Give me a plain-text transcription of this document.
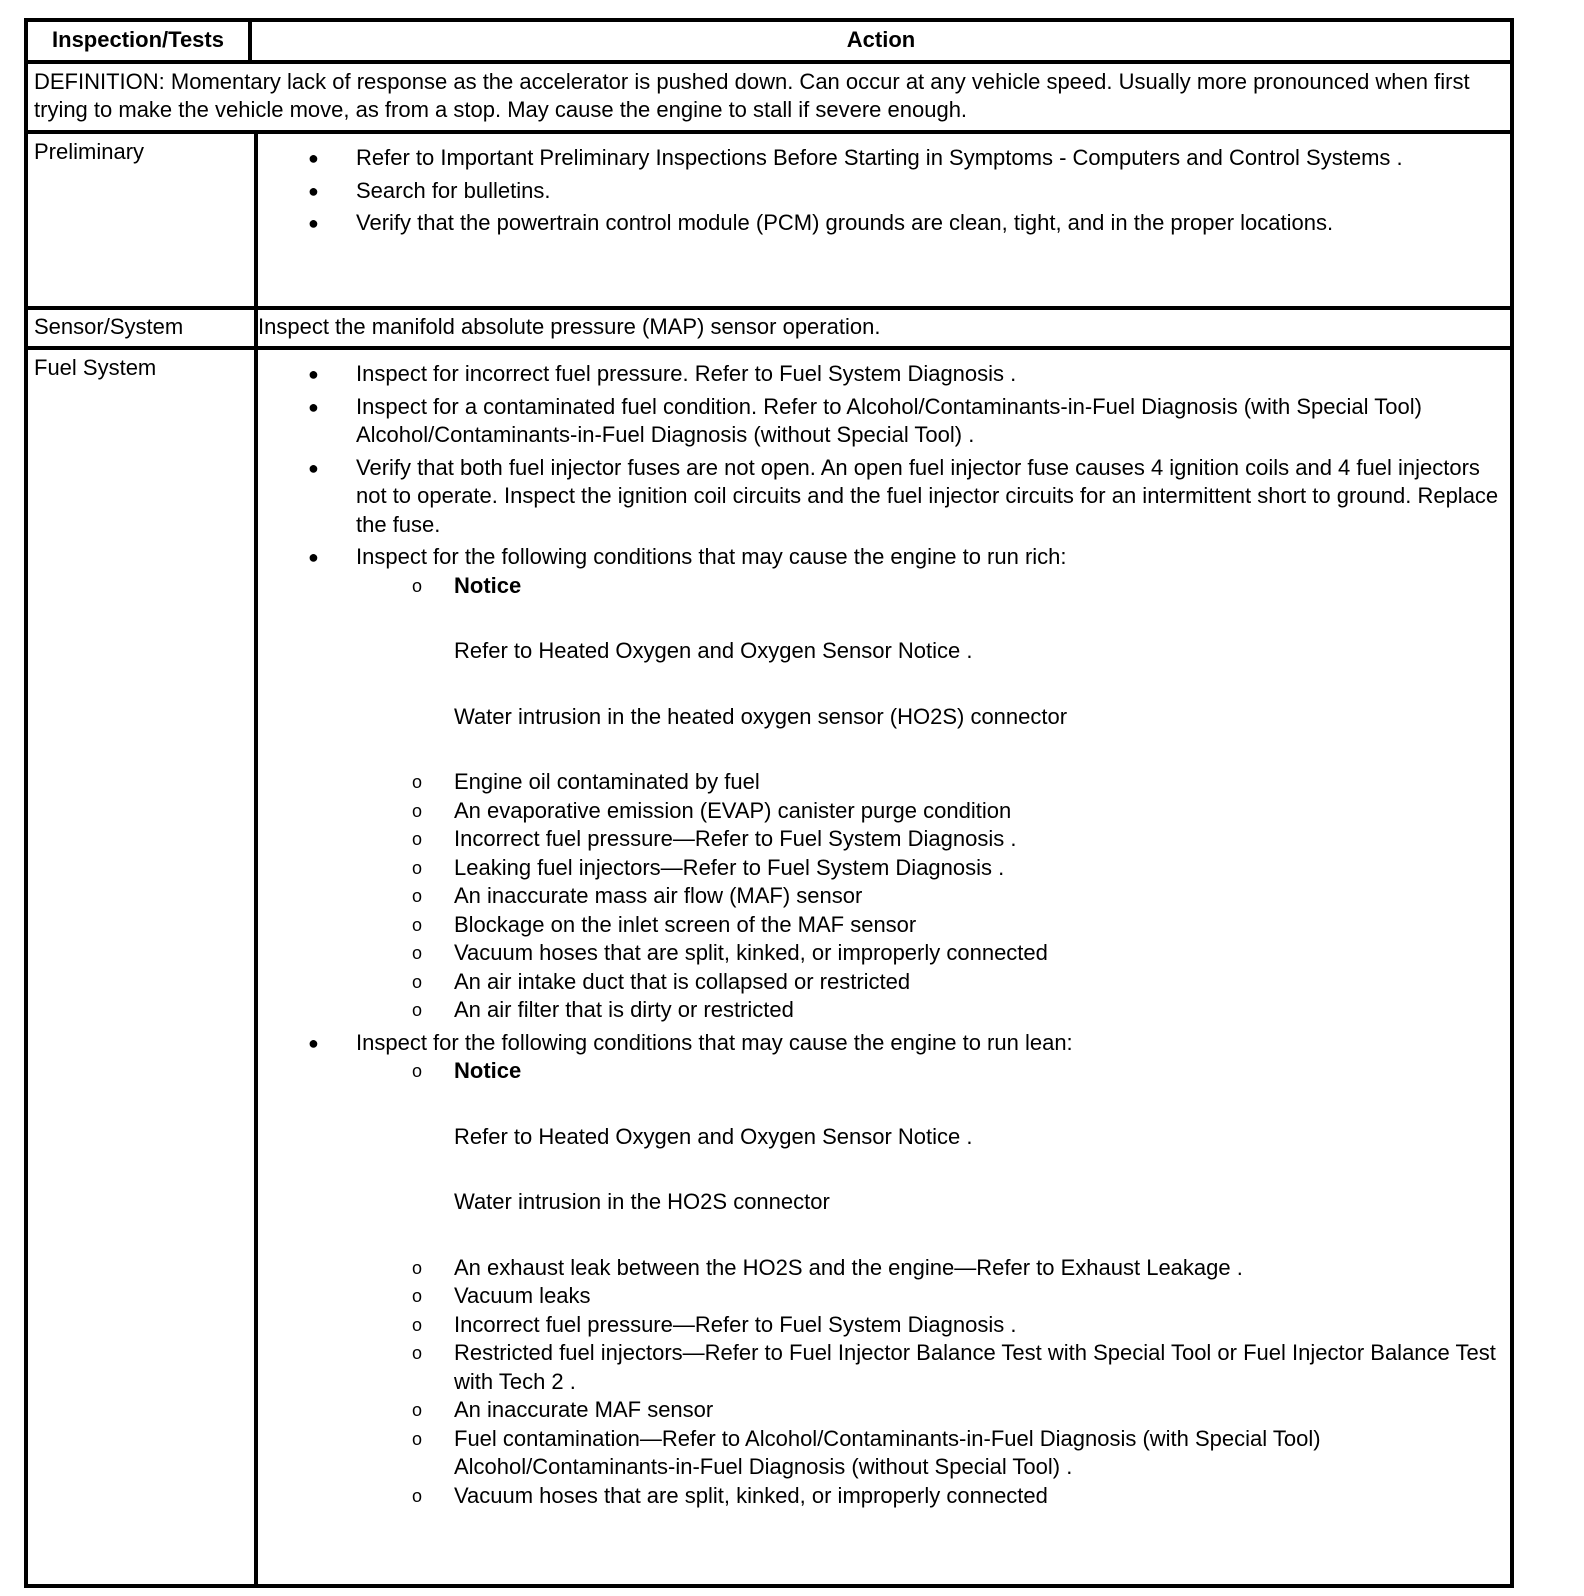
Inspection/Tests	Action
DEFINITION: Momentary lack of response as the accelerator is pushed down. Can occur at any vehicle speed. Usually more pronounced when first trying to make the vehicle move, as from a stop. May cause the engine to stall if severe enough.
Preliminary	● Refer to Important Preliminary Inspections Before Starting in Symptoms - Computers and Control Systems .
● Search for bulletins.
● Verify that the powertrain control module (PCM) grounds are clean, tight, and in the proper locations.
Sensor/System	Inspect the manifold absolute pressure (MAP) sensor operation.
Fuel System	● Inspect for incorrect fuel pressure. Refer to Fuel System Diagnosis .
● Inspect for a contaminated fuel condition. Refer to Alcohol/Contaminants-in-Fuel Diagnosis (with Special Tool) Alcohol/Contaminants-in-Fuel Diagnosis (without Special Tool) .
● Verify that both fuel injector fuses are not open. An open fuel injector fuse causes 4 ignition coils and 4 fuel injectors not to operate. Inspect the ignition coil circuits and the fuel injector circuits for an intermittent short to ground. Replace the fuse.
● Inspect for the following conditions that may cause the engine to run rich:
o Notice
Refer to Heated Oxygen and Oxygen Sensor Notice .
Water intrusion in the heated oxygen sensor (HO2S) connector
o Engine oil contaminated by fuel
o An evaporative emission (EVAP) canister purge condition
o Incorrect fuel pressure—Refer to Fuel System Diagnosis .
o Leaking fuel injectors—Refer to Fuel System Diagnosis .
o An inaccurate mass air flow (MAF) sensor
o Blockage on the inlet screen of the MAF sensor
o Vacuum hoses that are split, kinked, or improperly connected
o An air intake duct that is collapsed or restricted
o An air filter that is dirty or restricted
● Inspect for the following conditions that may cause the engine to run lean:
o Notice
Refer to Heated Oxygen and Oxygen Sensor Notice .
Water intrusion in the HO2S connector
o An exhaust leak between the HO2S and the engine—Refer to Exhaust Leakage .
o Vacuum leaks
o Incorrect fuel pressure—Refer to Fuel System Diagnosis .
o Restricted fuel injectors—Refer to Fuel Injector Balance Test with Special Tool or Fuel Injector Balance Test with Tech 2 .
o An inaccurate MAF sensor
o Fuel contamination—Refer to Alcohol/Contaminants-in-Fuel Diagnosis (with Special Tool) Alcohol/Contaminants-in-Fuel Diagnosis (without Special Tool) .
o Vacuum hoses that are split, kinked, or improperly connected
